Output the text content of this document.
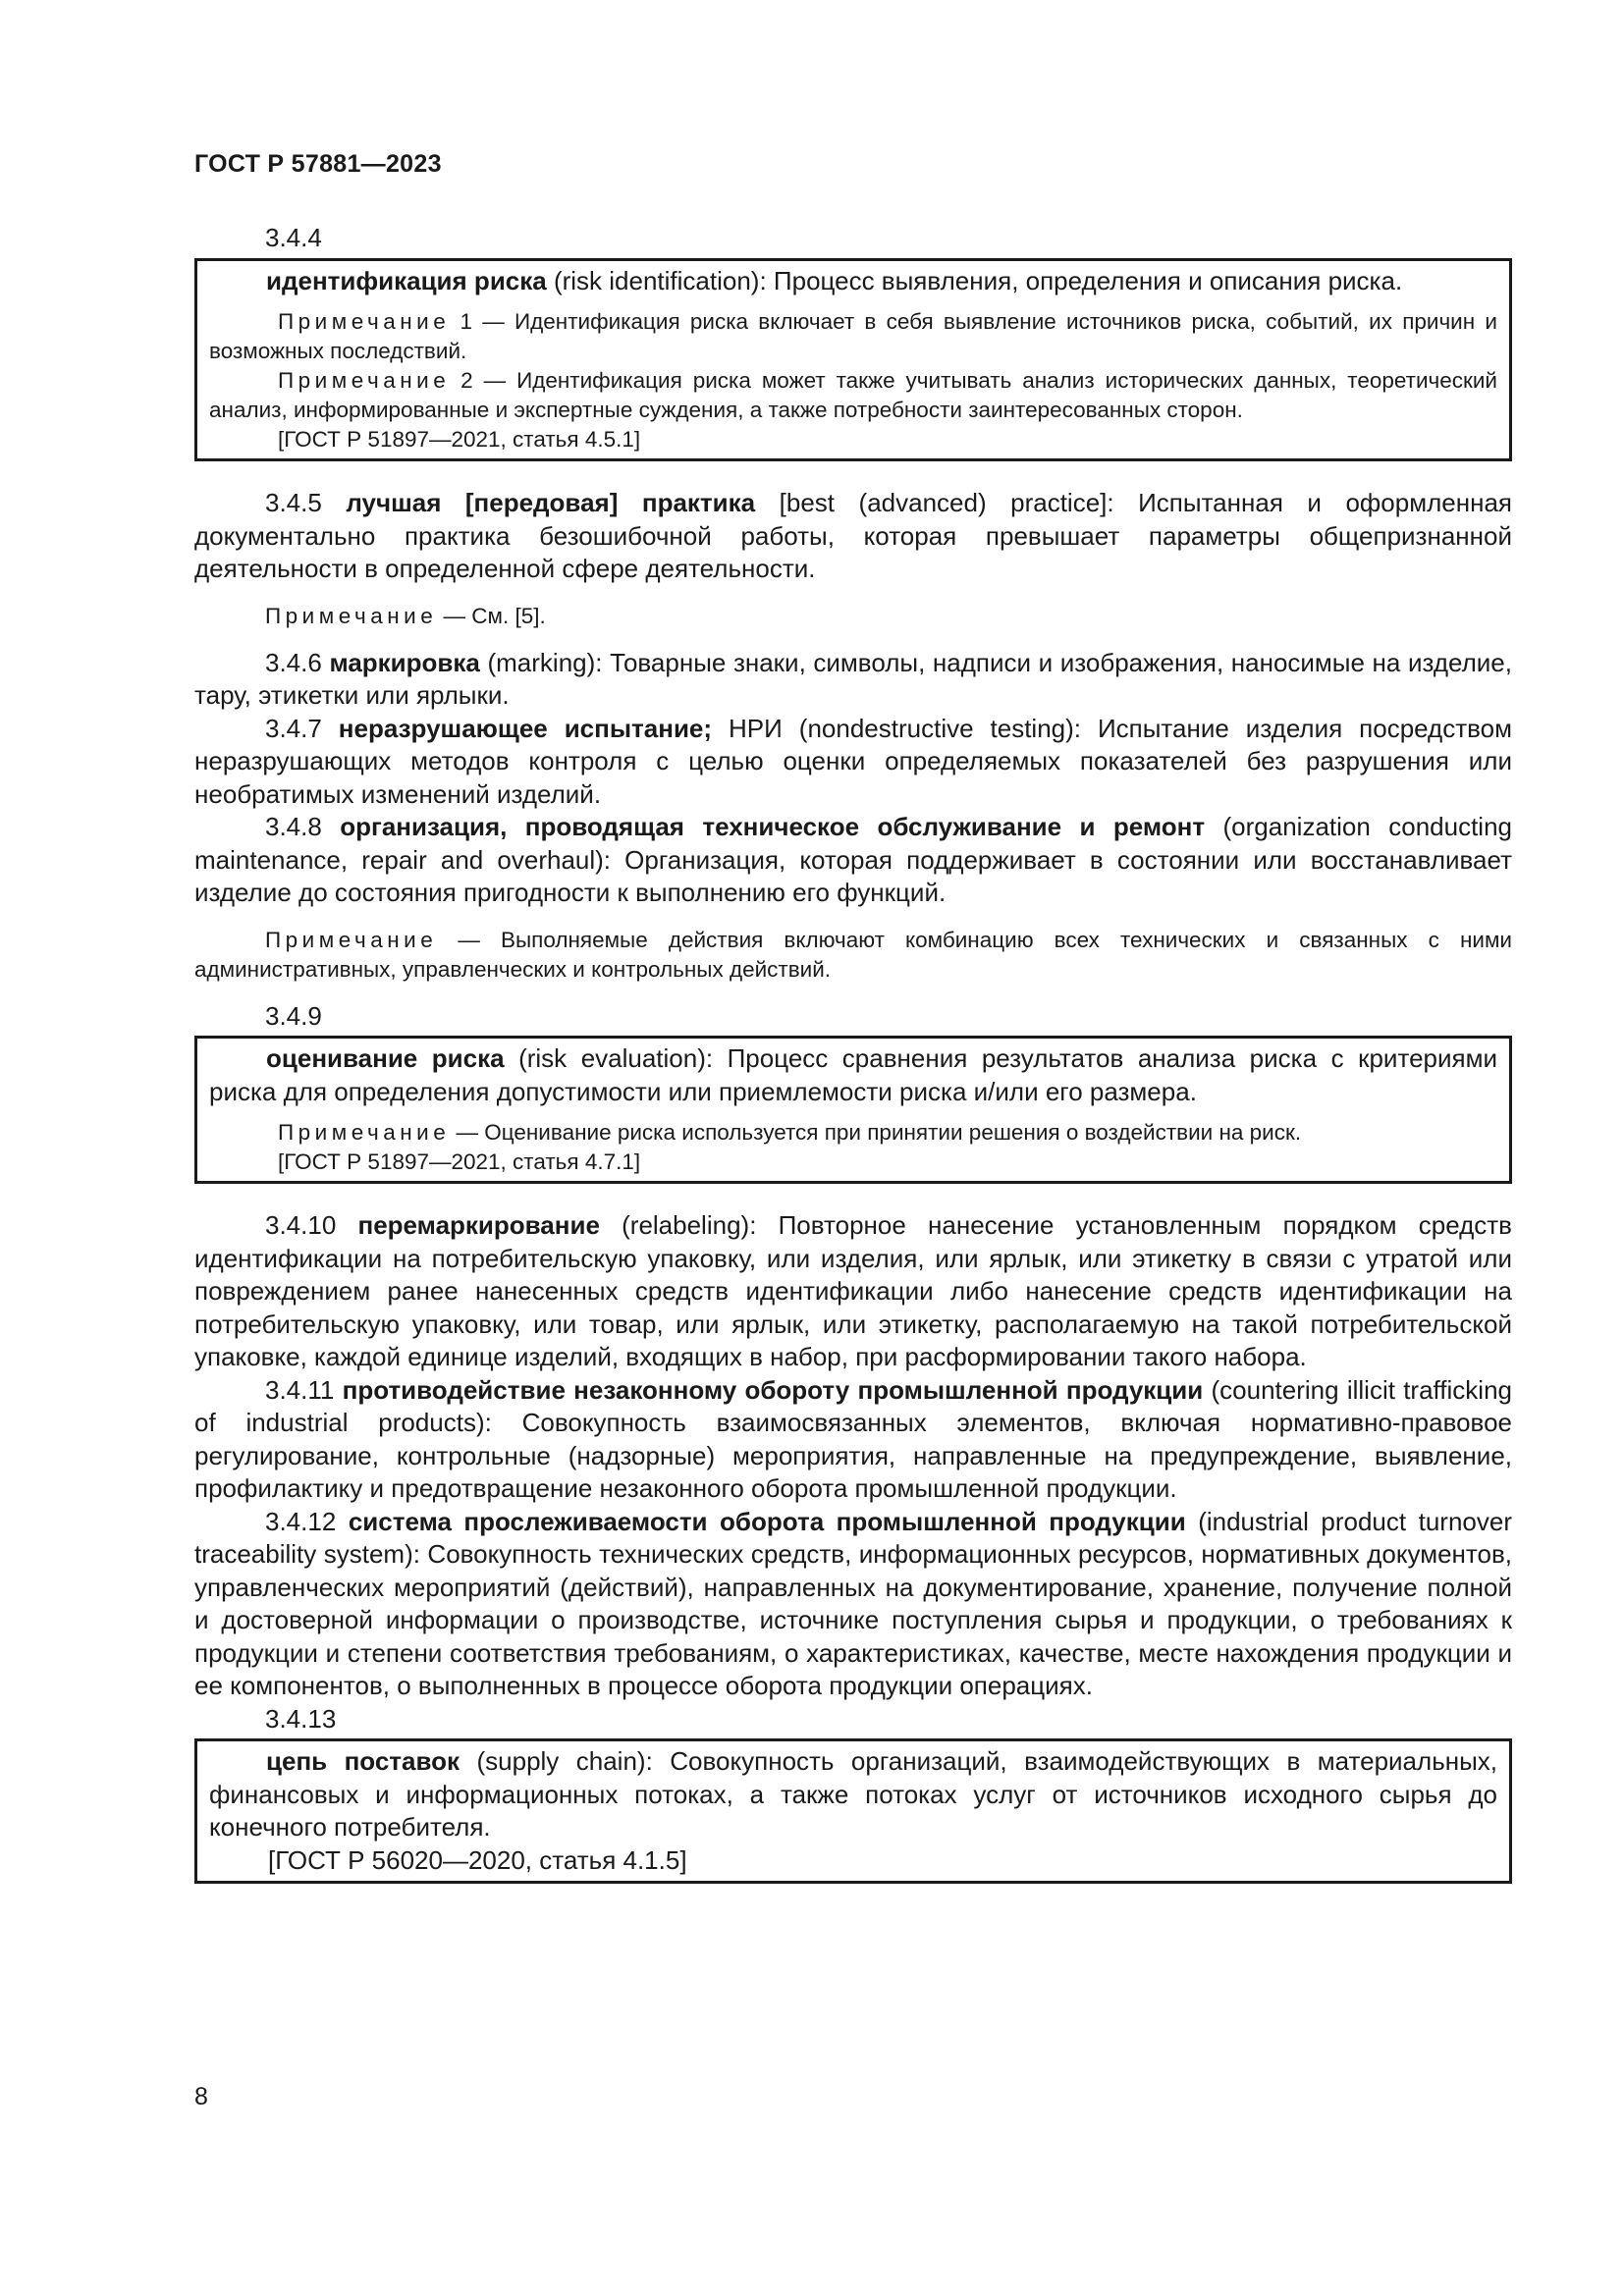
ГОСТ Р 57881—2023
3.4.4

идентификация риска (risk identification): Процесс выявления, определения и описания риска.

Примечание 1 — Идентификация риска включает в себя выявление источников риска, событий, их причин и возможных последствий.

Примечание 2 — Идентификация риска может также учитывать анализ исторических данных, теоретический анализ, информированные и экспертные суждения, а также потребности заинтересованных сторон.

[ГОСТ Р 51897—2021, статья 4.5.1]

3.4.5 лучшая [передовая] практика [best (advanced) practice]: Испытанная и оформленная документально практика безошибочной работы, которая превышает параметры общепризнанной деятельности в определенной сфере деятельности.

Примечание — См. [5].

3.4.6 маркировка (marking): Товарные знаки, символы, надписи и изображения, наносимые на изделие, тару, этикетки или ярлыки.

3.4.7 неразрушающее испытание; НРИ (nondestructive testing): Испытание изделия посредством неразрушающих методов контроля с целью оценки определяемых показателей без разрушения или необратимых изменений изделий.

3.4.8 организация, проводящая техническое обслуживание и ремонт (organization conducting maintenance, repair and overhaul): Организация, которая поддерживает в состоянии или восстанавливает изделие до состояния пригодности к выполнению его функций.

Примечание — Выполняемые действия включают комбинацию всех технических и связанных с ними административных, управленческих и контрольных действий.

3.4.9

оценивание риска (risk evaluation): Процесс сравнения результатов анализа риска с критериями риска для определения допустимости или приемлемости риска и/или его размера.

Примечание — Оценивание риска используется при принятии решения о воздействии на риск.

[ГОСТ Р 51897—2021, статья 4.7.1]

3.4.10 перемаркирование (relabeling): Повторное нанесение установленным порядком средств идентификации на потребительскую упаковку, или изделия, или ярлык, или этикетку в связи с утратой или повреждением ранее нанесенных средств идентификации либо нанесение средств идентификации на потребительскую упаковку, или товар, или ярлык, или этикетку, располагаемую на такой потребительской упаковке, каждой единице изделий, входящих в набор, при расформировании такого набора.

3.4.11 противодействие незаконному обороту промышленной продукции (countering illicit trafficking of industrial products): Совокупность взаимосвязанных элементов, включая нормативно-правовое регулирование, контрольные (надзорные) мероприятия, направленные на предупреждение, выявление, профилактику и предотвращение незаконного оборота промышленной продукции.

3.4.12 система прослеживаемости оборота промышленной продукции (industrial product turnover traceability system): Совокупность технических средств, информационных ресурсов, нормативных документов, управленческих мероприятий (действий), направленных на документирование, хранение, получение полной и достоверной информации о производстве, источнике поступления сырья и продукции, о требованиях к продукции и степени соответствия требованиям, о характеристиках, качестве, месте нахождения продукции и ее компонентов, о выполненных в процессе оборота продукции операциях.

3.4.13

цепь поставок (supply chain): Совокупность организаций, взаимодействующих в материальных, финансовых и информационных потоках, а также потоках услуг от источников исходного сырья до конечного потребителя.

[ГОСТ Р 56020—2020, статья 4.1.5]

8
